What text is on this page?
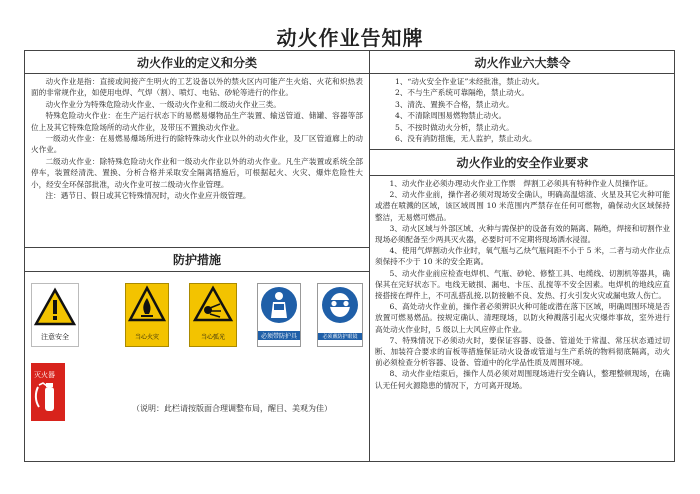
动火作业告知牌
动火作业的定义和分类

动火作业是指：直接或间接产生明火的工艺设备以外的禁火区内可能产生火焰、火花和炽热表面的非常规作业，如使用电焊、气焊（割）、喷灯、电钻、砂轮等进行的作业。

动火作业分为特殊危险动火作业、一级动火作业和二级动火作业三类。

特殊危险动火作业：在生产运行状态下的易燃易爆物品生产装置、输送管道、储罐、容器等部位上及其它特殊危险场所的动火作业，及带压不置换动火作业。

一级动火作业：在易燃易爆场所进行的除特殊动火作业以外的动火作业，及厂区管道廊上的动火作业。

二级动火作业：除特殊危险动火作业和一级动火作业以外的动火作业。凡生产装置或系统全部停车，装置经清洗、置换、分析合格并采取安全隔离措施后，可根据起火、火灾、爆炸危险性大小，经安全环保部批准，动火作业可按二级动火作业管理。

注：遇节日、假日或其它特殊情况时，动火作业应升级管理。

防护措施
注意安全	当心火灾	当心弧光	必须带防护具	必须戴防护眼镜
灭火器
（说明：此栏请按版面合理调整布局，醒目、美观为佳）
动火作业六大禁令
1、“动火安全作业证”未经批准，禁止动火。
2、不与生产系统可靠隔绝，禁止动火。
3、清洗、置换不合格，禁止动火。
4、不清除周围易燃物禁止动火。
5、不按时做动火分析，禁止动火。
6、没有消防措施，无人监护，禁止动火。
动火作业的安全作业要求

1、动火作业必须办理动火作业工作票　焊割工必须具有特种作业人员操作证。

2、动火作业前，操作者必须对现场安全确认，明确高温熔渣、火星及其它火种可能或潜在喷溅的区域，该区域周围 10 米范围内严禁存在任何可燃物，确保动火区域保持整洁，无易燃可燃品。

3、动火区域与外部区域、火种与需保护的设备有效的隔离、隔绝，焊接和切割作业现场必须配备至少两具灭火器，必要时可不定期将现场洒水浸湿。

4、使用气焊割动火作业时，氧气瓶与乙炔气瓶间距不小于 5 米，二者与动火作业点须保持不少于 10 米的安全距离。

5、动火作业前应检查电焊机、气瓶、砂轮、修整工具、电缆线、切割机等器具，确保其在完好状态下。电线无破损、漏电、卡压、乱搅等不安全因素。电焊机的地线应直接搭接在焊件上，不可乱搭乱接,以防接触不良、发热、打火引发火灾或漏电致人伤亡。

6、高处动火作业前，操作者必须辨识火种可能或潜在落下区域，明确周围环境是否放置可燃易燃品。按规定确认、清理现场，以防火种溅落引起火灾爆炸事故，室外进行高处动火作业时，5 级以上大风应停止作业。

7、特殊情况下必须动火时，要保证容器、设备、管道处于常温、常压状态通过切断、加装符合要求的盲板等措施保证动火设备或管道与生产系统的物料彻底隔离，动火前必须检查分析容器、设备、管道中的化学品性质及周围环境。

8、动火作业结束后，操作人员必须对周围现场进行安全确认，整理整顿现场，在确认无任何火源隐患的情况下，方可离开现场。
